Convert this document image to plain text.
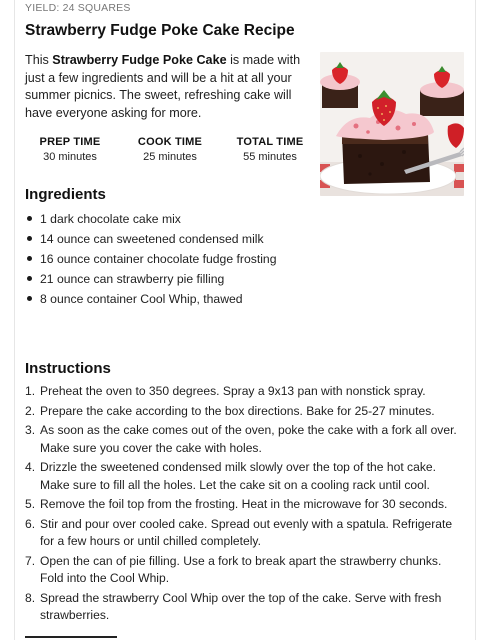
YIELD: 24 SQUARES
Strawberry Fudge Poke Cake Recipe
This Strawberry Fudge Poke Cake is made with just a few ingredients and will be a hit at all your summer picnics. The sweet, refreshing cake will have everyone asking for more.
PREP TIME
30 minutes
COOK TIME
25 minutes
TOTAL TIME
55 minutes
Ingredients
1 dark chocolate cake mix
14 ounce can sweetened condensed milk
16 ounce container chocolate fudge frosting
21 ounce can strawberry pie filling
8 ounce container Cool Whip, thawed
Instructions
1. Preheat the oven to 350 degrees. Spray a 9x13 pan with nonstick spray.
2. Prepare the cake according to the box directions. Bake for 25-27 minutes.
3. As soon as the cake comes out of the oven, poke the cake with a fork all over. Make sure you cover the cake with holes.
4. Drizzle the sweetened condensed milk slowly over the top of the hot cake. Make sure to fill all the holes. Let the cake sit on a cooling rack until cool.
5. Remove the foil top from the frosting. Heat in the microwave for 30 seconds.
6. Stir and pour over cooled cake. Spread out evenly with a spatula. Refrigerate for a few hours or until chilled completely.
7. Open the can of pie filling. Use a fork to break apart the strawberry chunks. Fold into the Cool Whip.
8. Spread the strawberry Cool Whip over the top of the cake. Serve with fresh strawberries.
